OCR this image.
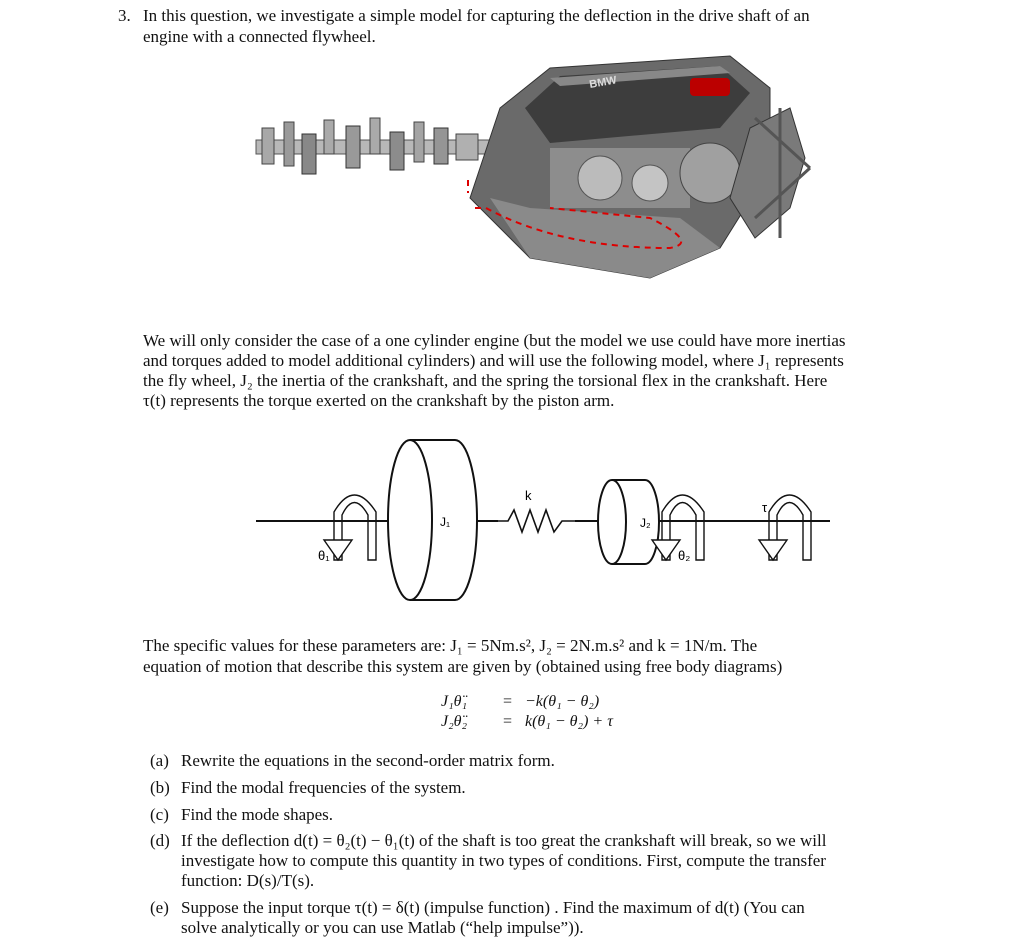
3. In this question, we investigate a simple model for capturing the deflection in the drive shaft of an
engine with a connected flywheel.
BMW
We will only consider the case of a one cylinder engine (but the model we use could have more inertias
and torques added to model additional cylinders) and will use the following model, where J₁ represents
the fly wheel, J₂ the inertia of the crankshaft, and the spring the torsional flex in the crankshaft. Here
τ(t) represents the torque exerted on the crankshaft by the piston arm.
J₁
k
J₂
θ₁	θ₂
τ
The specific values for these parameters are: J₁ = 5Nm.s², J₂ = 2N.m.s² and k = 1N/m. The
equation of motion that describe this system are given by (obtained using free body diagrams)
J₁θ̈₁ = −k(θ₁ − θ₂)
J₂θ̈₂ = k(θ₁ − θ₂) + τ
(a) Rewrite the equations in the second-order matrix form.
(b) Find the modal frequencies of the system.
(c) Find the mode shapes.
(d) If the deflection d(t) = θ₂(t) − θ₁(t) of the shaft is too great the crankshaft will break, so we will
investigate how to compute this quantity in two types of conditions. First, compute the transfer
function: D(s)/T(s).
(e) Suppose the input torque τ(t) = δ(t) (impulse function) . Find the maximum of d(t) (You can
solve analytically or you can use Matlab (“help impulse”)).
